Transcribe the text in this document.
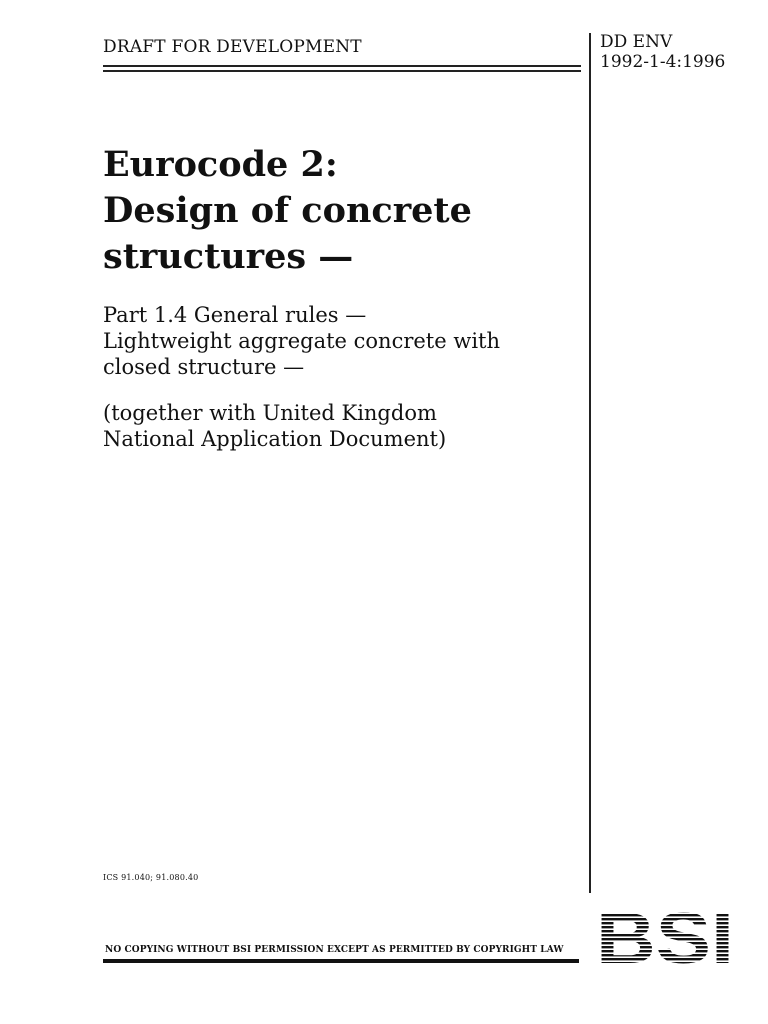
DRAFT FOR DEVELOPMENT	DD ENV
1992-1-4:1996
Eurocode 2:
Design of concrete
structures —
Part 1.4 General rules —
Lightweight aggregate concrete with
closed structure —
(together with United Kingdom
National Application Document)
ICS 91.040; 91.080.40
NO COPYING WITHOUT BSI PERMISSION EXCEPT AS PERMITTED BY COPYRIGHT LAW BSI
